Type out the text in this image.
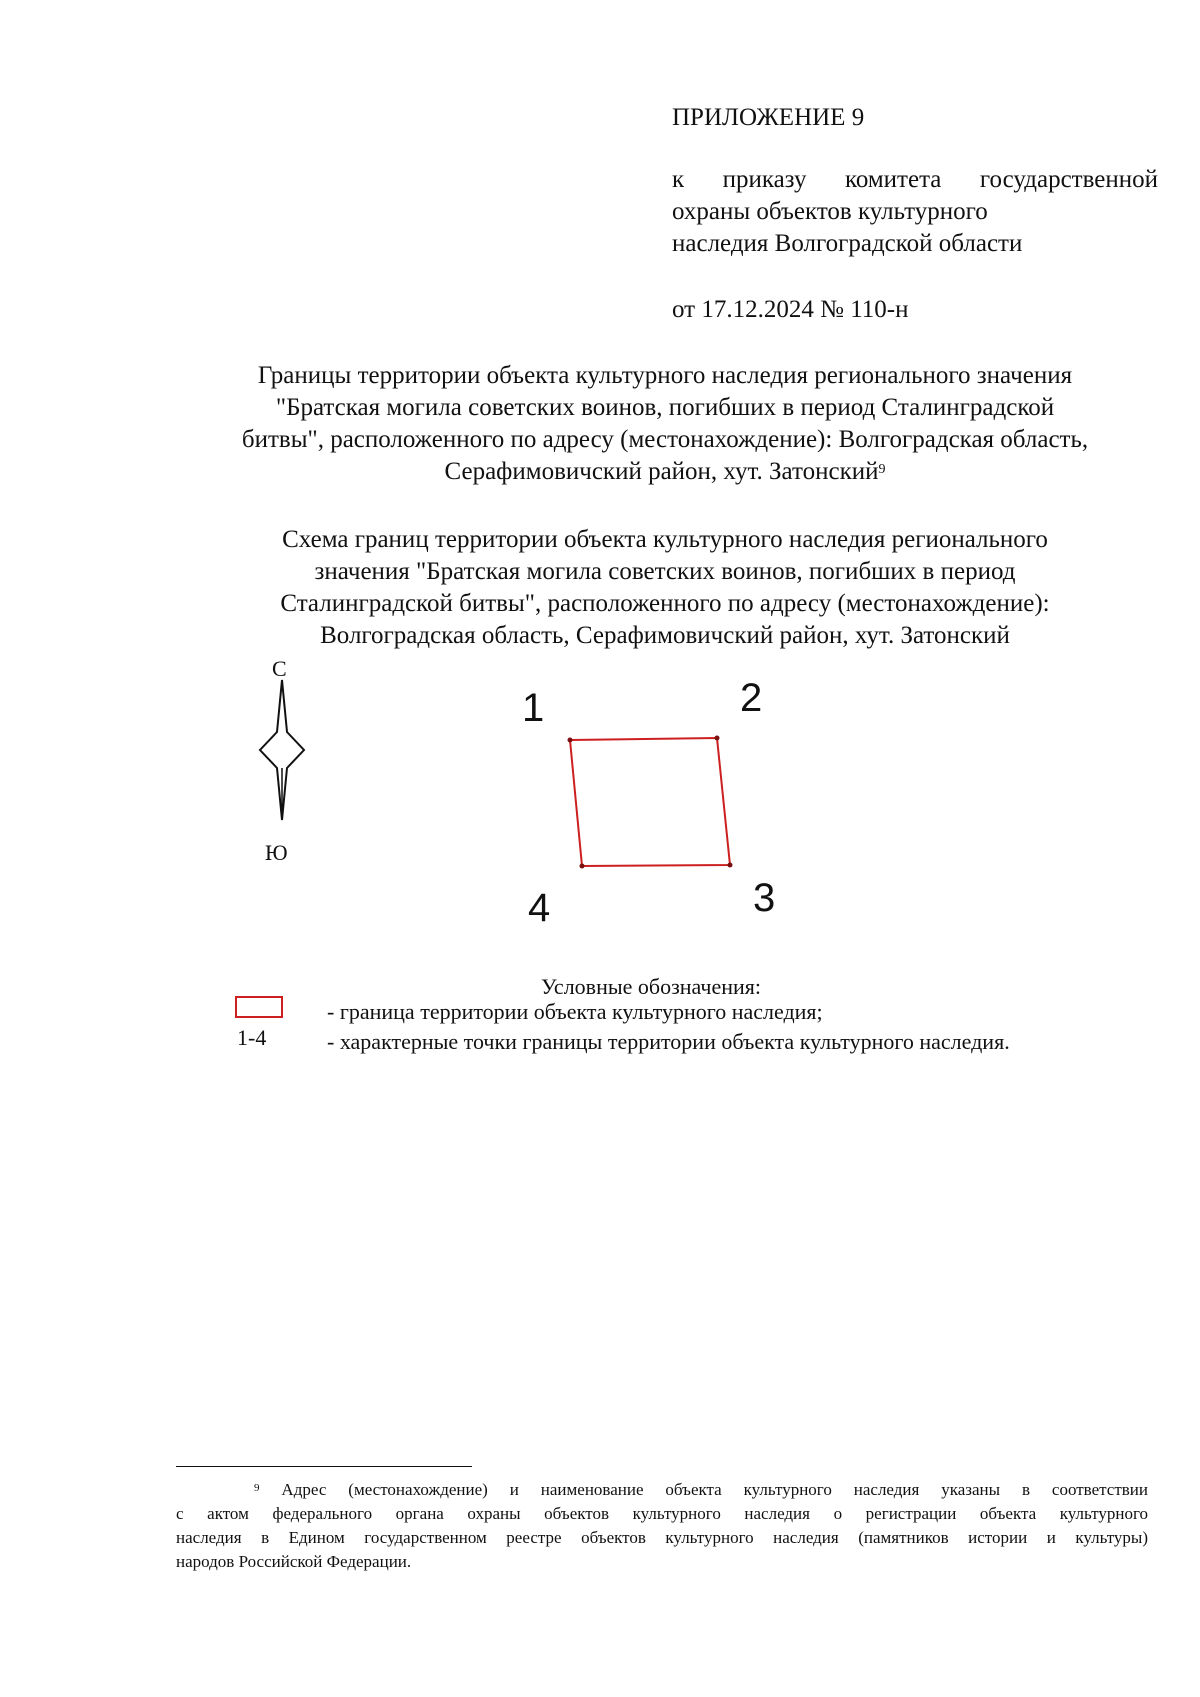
ПРИЛОЖЕНИЕ 9
к приказу комитета государственной
охраны объектов культурного
наследия Волгоградской области
от 17.12.2024 № 110-н
Границы территории объекта культурного наследия регионального значения
"Братская могила советских воинов, погибших в период Сталинградской
битвы", расположенного по адресу (местонахождение): Волгоградская область,
Серафимовичский район, хут. Затонский$^9$
Схема границ территории объекта культурного наследия регионального
значения "Братская могила советских воинов, погибших в период
Сталинградской битвы", расположенного по адресу (местонахождение):
Волгоградская область, Серафимовичский район, хут. Затонский
С
Ю
1	2
3
4
Условные обозначения:
- граница территории объекта культурного наследия;
1-4	- характерные точки границы территории объекта культурного наследия.
$^9$ Адрес (местонахождение) и наименование объекта культурного наследия указаны в соответствии
с актом федерального органа охраны объектов культурного наследия о регистрации объекта культурного
наследия в Едином государственном реестре объектов культурного наследия (памятников истории и культуры)
народов Российской Федерации.
